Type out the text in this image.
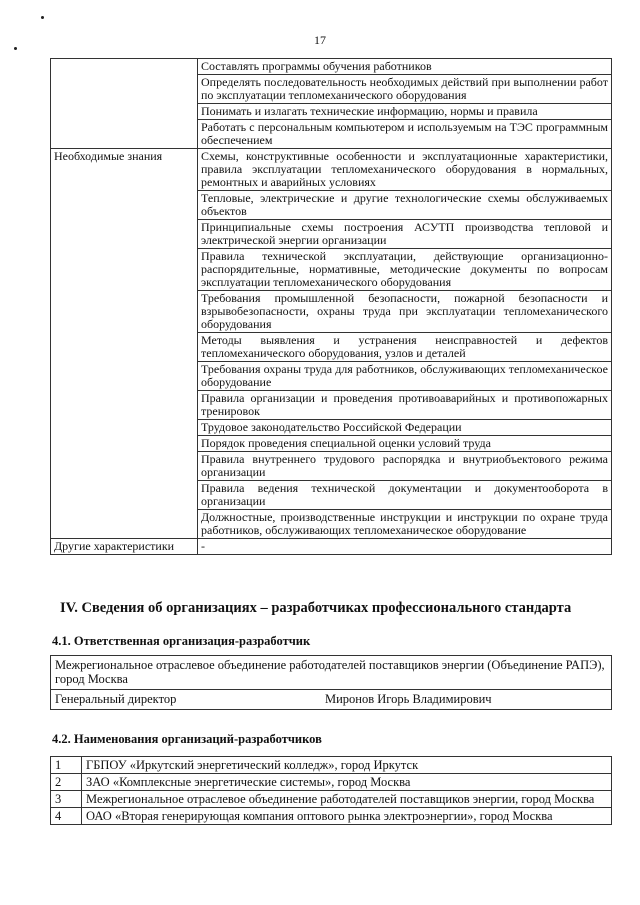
17
	Составлять программы обучения работников
	Определять последовательность необходимых действий при выполнении работ по эксплуатации тепломеханического оборудования
	Понимать и излагать технические информацию, нормы и правила
	Работать с персональным компьютером и используемым на ТЭС программным обеспечением
Необходимые знания	Схемы, конструктивные особенности и эксплуатационные характеристики, правила эксплуатации тепломеханического оборудования в нормальных, ремонтных и аварийных условиях
	Тепловые, электрические и другие технологические схемы обслуживаемых объектов
	Принципиальные схемы построения АСУТП производства тепловой и электрической энергии организации
	Правила технической эксплуатации, действующие организационно-распорядительные, нормативные, методические документы по вопросам эксплуатации тепломеханического оборудования
	Требования промышленной безопасности, пожарной безопасности и взрывобезопасности, охраны труда при эксплуатации тепломеханического оборудования
	Методы выявления и устранения неисправностей и дефектов тепломеханического оборудования, узлов и деталей
	Требования охраны труда для работников, обслуживающих тепломеханическое оборудование
	Правила организации и проведения противоаварийных и противопожарных тренировок
	Трудовое законодательство Российской Федерации
	Порядок проведения специальной оценки условий труда
	Правила внутреннего трудового распорядка и внутриобъектового режима организации
	Правила ведения технической документации и документооборота в организации
	Должностные, производственные инструкции и инструкции по охране труда работников, обслуживающих тепломеханическое оборудование
Другие характеристики	-
IV. Сведения об организациях – разработчиках профессионального стандарта
4.1. Ответственная организация-разработчик
Межрегиональное отраслевое объединение работодателей поставщиков энергии (Объединение РАПЭ), город Москва

Генеральный директор	Миронов Игорь Владимирович
4.2. Наименования организаций-разработчиков
1	ГБПОУ «Иркутский энергетический колледж», город Иркутск
2	ЗАО «Комплексные энергетические системы», город Москва
3	Межрегиональное отраслевое объединение работодателей поставщиков энергии, город Москва
4	ОАО «Вторая генерирующая компания оптового рынка электроэнергии», город Москва
